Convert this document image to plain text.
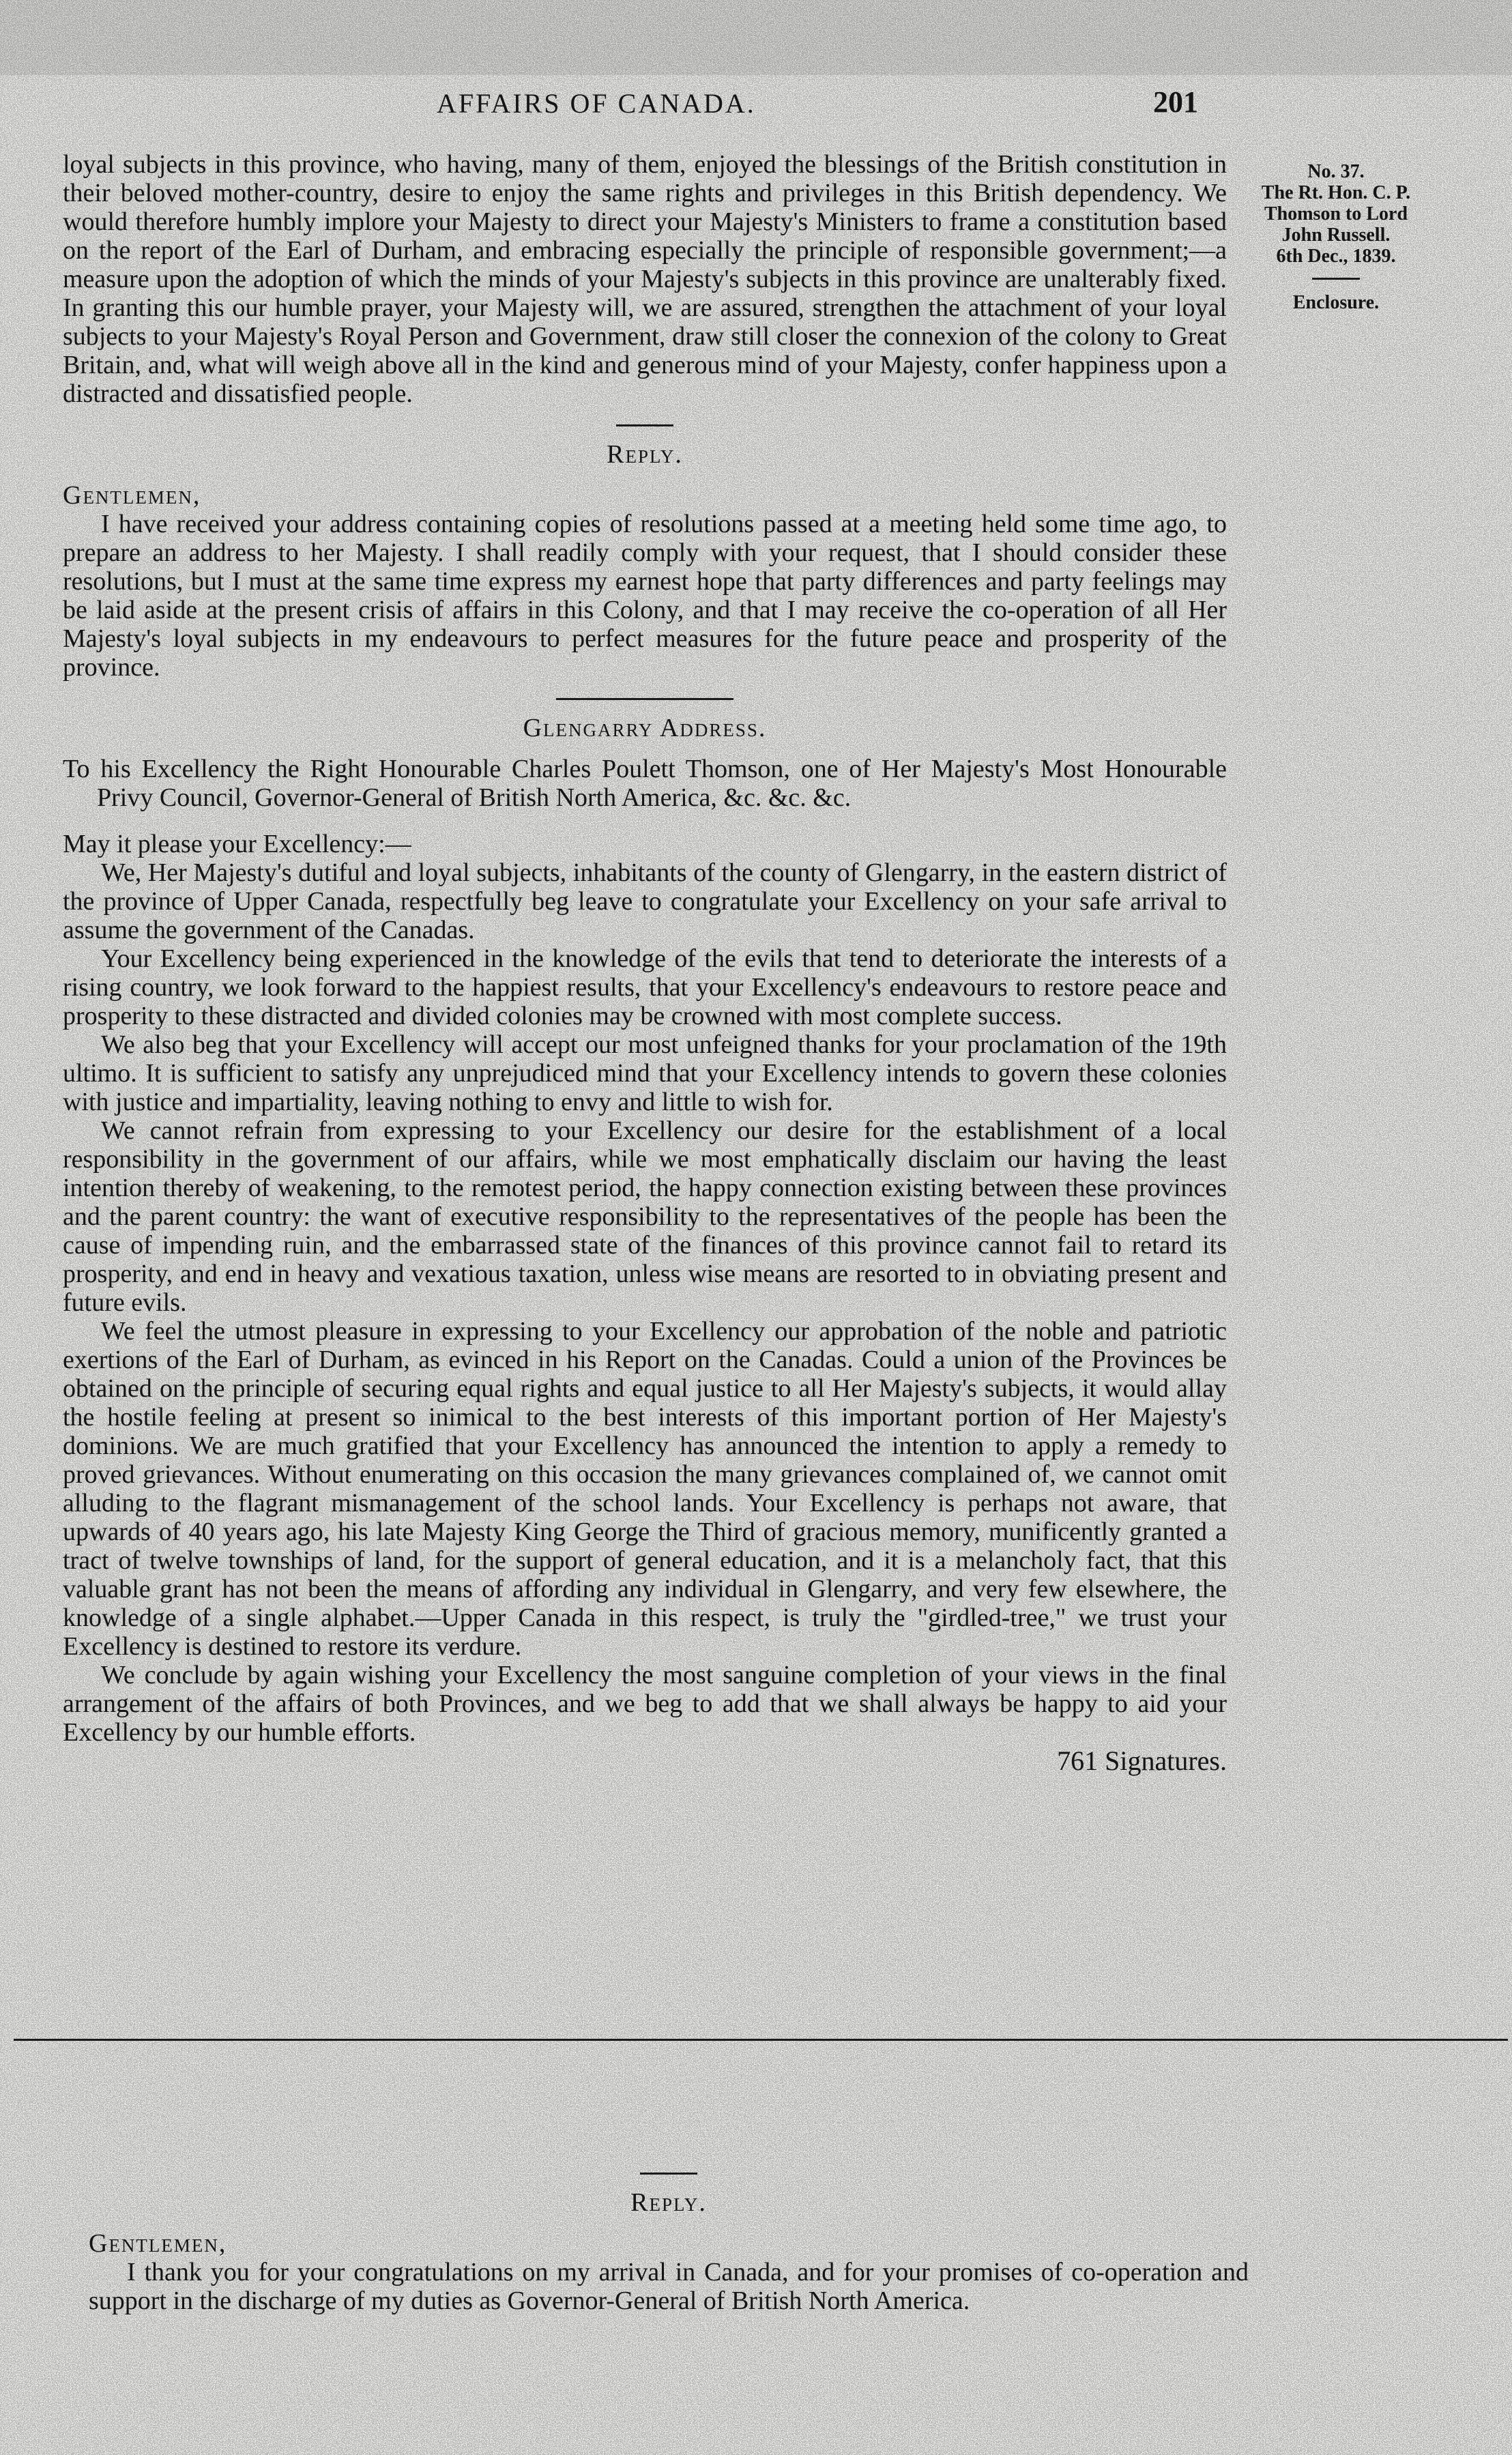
AFFAIRS OF CANADA.	201
No. 37.
The Rt. Hon. C. P.
Thomson to Lord
John Russell.
6th Dec., 1839.
Enclosure.

loyal subjects in this province, who having, many of them, enjoyed the blessings of the British constitution in their beloved mother-country, desire to enjoy the same rights and privileges in this British dependency. We would therefore humbly implore your Majesty to direct your Majesty's Ministers to frame a constitution based on the report of the Earl of Durham, and embracing especially the principle of responsible government;—a measure upon the adoption of which the minds of your Majesty's subjects in this province are unalterably fixed. In granting this our humble prayer, your Majesty will, we are assured, strengthen the attachment of your loyal subjects to your Majesty's Royal Person and Government, draw still closer the connexion of the colony to Great Britain, and, what will weigh above all in the kind and generous mind of your Majesty, confer happiness upon a distracted and dissatisfied people.

Reply.

Gentlemen,

I have received your address containing copies of resolutions passed at a meeting held some time ago, to prepare an address to her Majesty. I shall readily comply with your request, that I should consider these resolutions, but I must at the same time express my earnest hope that party differences and party feelings may be laid aside at the present crisis of affairs in this Colony, and that I may receive the co-operation of all Her Majesty's loyal subjects in my endeavours to perfect measures for the future peace and prosperity of the province.

Glengarry Address.

To his Excellency the Right Honourable Charles Poulett Thomson, one of Her Majesty's Most Honourable Privy Council, Governor-General of British North America, &c. &c. &c.

May it please your Excellency:—

We, Her Majesty's dutiful and loyal subjects, inhabitants of the county of Glengarry, in the eastern district of the province of Upper Canada, respectfully beg leave to congratulate your Excellency on your safe arrival to assume the government of the Canadas.

Your Excellency being experienced in the knowledge of the evils that tend to deteriorate the interests of a rising country, we look forward to the happiest results, that your Excellency's endeavours to restore peace and prosperity to these distracted and divided colonies may be crowned with most complete success.

We also beg that your Excellency will accept our most unfeigned thanks for your proclamation of the 19th ultimo. It is sufficient to satisfy any unprejudiced mind that your Excellency intends to govern these colonies with justice and impartiality, leaving nothing to envy and little to wish for.

We cannot refrain from expressing to your Excellency our desire for the establishment of a local responsibility in the government of our affairs, while we most emphatically disclaim our having the least intention thereby of weakening, to the remotest period, the happy connection existing between these provinces and the parent country: the want of executive responsibility to the representatives of the people has been the cause of impending ruin, and the embarrassed state of the finances of this province cannot fail to retard its prosperity, and end in heavy and vexatious taxation, unless wise means are resorted to in obviating present and future evils.

We feel the utmost pleasure in expressing to your Excellency our approbation of the noble and patriotic exertions of the Earl of Durham, as evinced in his Report on the Canadas. Could a union of the Provinces be obtained on the principle of securing equal rights and equal justice to all Her Majesty's subjects, it would allay the hostile feeling at present so inimical to the best interests of this important portion of Her Majesty's dominions. We are much gratified that your Excellency has announced the intention to apply a remedy to proved grievances. Without enumerating on this occasion the many grievances complained of, we cannot omit alluding to the flagrant mismanagement of the school lands. Your Excellency is perhaps not aware, that upwards of 40 years ago, his late Majesty King George the Third of gracious memory, munificently granted a tract of twelve townships of land, for the support of general education, and it is a melancholy fact, that this valuable grant has not been the means of affording any individual in Glengarry, and very few elsewhere, the knowledge of a single alphabet.—Upper Canada in this respect, is truly the "girdled-tree," we trust your Excellency is destined to restore its verdure.

We conclude by again wishing your Excellency the most sanguine completion of your views in the final arrangement of the affairs of both Provinces, and we beg to add that we shall always be happy to aid your Excellency by our humble efforts.

761 Signatures.

Reply.

Gentlemen,

I thank you for your congratulations on my arrival in Canada, and for your promises of co-operation and support in the discharge of my duties as Governor-General of British North America.
